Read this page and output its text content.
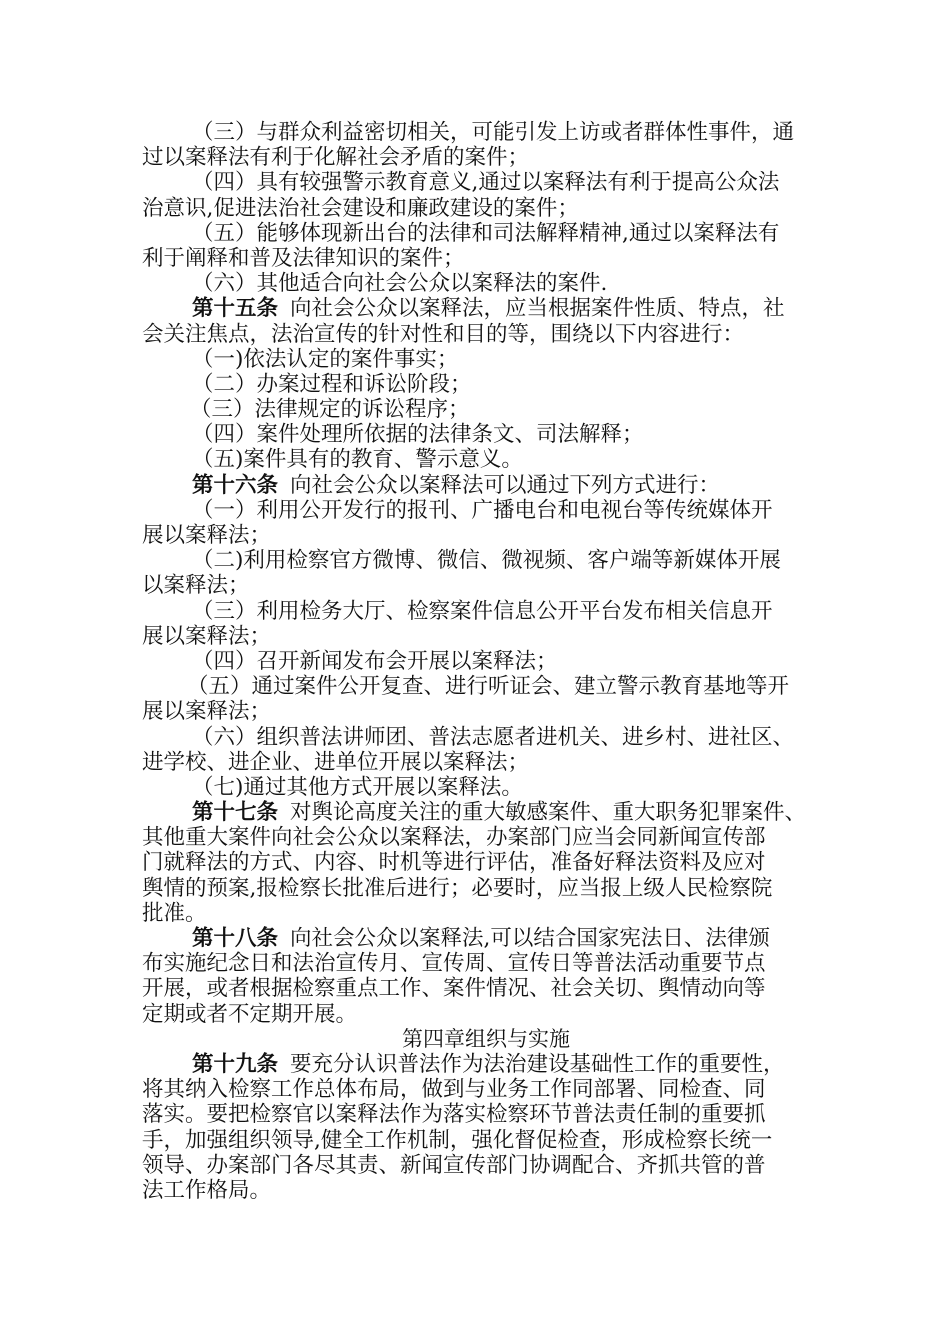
（三）与群众利益密切相关，可能引发上访或者群体性事件，通
过以案释法有利于化解社会矛盾的案件；
（四）具有较强警示教育意义,通过以案释法有利于提高公众法
治意识,促进法治社会建设和廉政建设的案件；
（五）能够体现新出台的法律和司法解释精神,通过以案释法有
利于阐释和普及法律知识的案件；
（六）其他适合向社会公众以案释法的案件.
第十五条 向社会公众以案释法，应当根据案件性质、特点，社
会关注焦点，法治宣传的针对性和目的等，围绕以下内容进行：
（一)依法认定的案件事实；
（二）办案过程和诉讼阶段；
（三）法律规定的诉讼程序；
（四）案件处理所依据的法律条文、司法解释；
（五)案件具有的教育、警示意义。
第十六条 向社会公众以案释法可以通过下列方式进行：
（一）利用公开发行的报刊、广播电台和电视台等传统媒体开
展以案释法；
（二)利用检察官方微博、微信、微视频、客户端等新媒体开展
以案释法；
（三）利用检务大厅、检察案件信息公开平台发布相关信息开
展以案释法；
（四）召开新闻发布会开展以案释法；
（五）通过案件公开复查、进行听证会、建立警示教育基地等开
展以案释法；
（六）组织普法讲师团、普法志愿者进机关、进乡村、进社区、
进学校、进企业、进单位开展以案释法；
（七)通过其他方式开展以案释法。
第十七条 对舆论高度关注的重大敏感案件、重大职务犯罪案件、
其他重大案件向社会公众以案释法，办案部门应当会同新闻宣传部
门就释法的方式、内容、时机等进行评估，准备好释法资料及应对
舆情的预案,报检察长批准后进行；必要时，应当报上级人民检察院
批准。
第十八条 向社会公众以案释法,可以结合国家宪法日、法律颁
布实施纪念日和法治宣传月、宣传周、宣传日等普法活动重要节点
开展，或者根据检察重点工作、案件情况、社会关切、舆情动向等
定期或者不定期开展。
第四章组织与实施
第十九条 要充分认识普法作为法治建设基础性工作的重要性，
将其纳入检察工作总体布局，做到与业务工作同部署、同检查、同
落实。要把检察官以案释法作为落实检察环节普法责任制的重要抓
手，加强组织领导,健全工作机制，强化督促检查，形成检察长统一
领导、办案部门各尽其责、新闻宣传部门协调配合、齐抓共管的普
法工作格局。
